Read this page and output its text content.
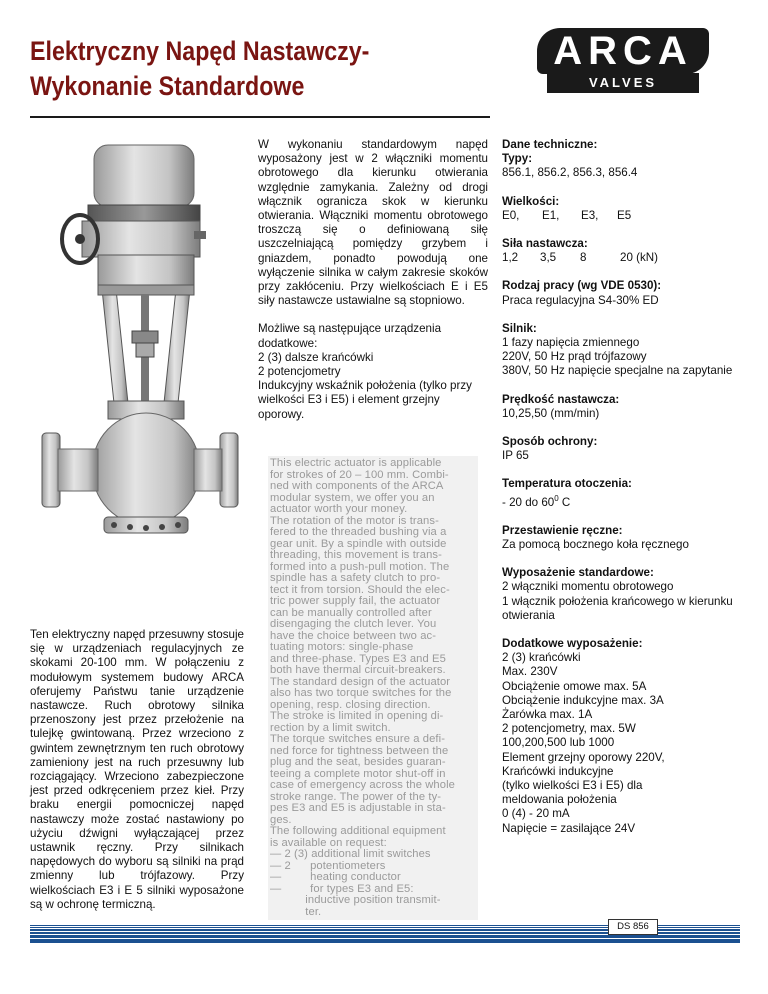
Elektryczny Napęd Nastawczy-
Wykonanie Standardowe
ARCA
VALVES
Ten elektryczny napęd przesuwny stosuje się w urządzeniach regulacyjnych ze skokami 20-100 mm. W połączeniu z modułowym systemem budowy ARCA oferujemy Państwu tanie urządzenie nastawcze. Ruch obrotowy silnika przenoszony jest przez przełożenie na tulejkę gwintowaną. Przez wrzeciono z gwintem zewnętrznym ten ruch obrotowy zamieniony jest na ruch przesuwny lub rozciągający. Wrzeciono zabezpieczone jest przed odkręceniem przez kieł. Przy braku energii pomocniczej napęd nastawczy może zostać nastawiony po użyciu dźwigni wyłączającej przez ustawnik ręczny. Przy silnikach napędowych do wyboru są silniki na prąd zmienny lub trójfazowy. Przy wielkościach E3 i E 5 silniki wyposażone są w ochronę termiczną.
W wykonaniu standardowym napęd wyposażony jest w 2 włączniki momentu obrotowego dla kierunku otwierania względnie zamykania. Zależny od drogi włącznik ogranicza skok w kierunku otwierania. Włączniki momentu obrotowego troszczą się o definiowaną siłę uszczelniającą pomiędzy grzybem i gniazdem, ponadto powodują one wyłączenie silnika w całym zakresie skoków przy zakłóceniu. Przy wielkościach E i E5 siły nastawcze ustawialne są stopniowo.
Możliwe są następujące urządzenia dodatkowe:
2 (3) dalsze krańcówki
2 potencjometry
Indukcyjny wskaźnik położenia (tylko przy wielkości E3 i E5) i element grzejny oporowy.
This electric actuator is applicable
for strokes of 20 – 100 mm. Combi-
ned with components of the ARCA
modular system, we offer you an
actuator worth your money.
The rotation of the motor is trans-
fered to the threaded bushing via a
gear unit. By a spindle with outside
threading, this movement is trans-
formed into a push-pull motion. The
spindle has a safety clutch to pro-
tect it from torsion. Should the elec-
tric power supply fail, the actuator
can be manually controlled after
disengaging the clutch lever. You
have the choice between two ac-
tuating motors: single-phase
and three-phase. Types E3 and E5
both have thermal circuit-breakers.
The standard design of the actuator
also has two torque switches for the
opening, resp. closing direction.
The stroke is limited in opening di-
rection by a limit switch.
The torque switches ensure a defi-
ned force for tightness between the
plug and the seat, besides guaran-
teeing a complete motor shut-off in
case of emergency across the whole
stroke range. The power of the ty-
pes E3 and E5 is adjustable in sta-
ges.
The following additional equipment
is available on request:
— 2 (3) additional limit switches
— 2      potentiometers
—         heating conductor
—         for types E3 and E5:
inductive position transmit-
ter.
Dane techniczne:
Typy:
856.1, 856.2, 856.3, 856.4
Wielkości:
E0, E1, E3, E5
Siła nastawcza:
1,2 3,5 8	20 (kN)
Rodzaj pracy (wg VDE 0530):
Praca regulacyjna S4-30% ED
Silnik:
1 fazy napięcia zmiennego
220V, 50 Hz prąd trójfazowy
380V, 50 Hz napięcie specjalne na zapytanie
Prędkość nastawcza:
10,25,50 (mm/min)
Sposób ochrony:
IP 65
Temperatura otoczenia:
- 20 do $60^0$ C
Przestawienie ręczne:
Za pomocą bocznego koła ręcznego
Wyposażenie standardowe:
2 włączniki momentu obrotowego
1 włącznik położenia krańcowego w kierunku otwierania
Dodatkowe wyposażenie:
2 (3) krańcówki
Max. 230V
Obciążenie omowe max. 5A
Obciążenie indukcyjne max. 3A
Żarówka max. 1A
2 potencjometry, max. 5W
100,200,500 lub 1000
Element grzejny oporowy 220V,
Krańcówki indukcyjne
(tylko wielkości E3 i E5) dla
meldowania położenia
0 (4) - 20 mA
Napięcie = zasilające 24V
DS 856
